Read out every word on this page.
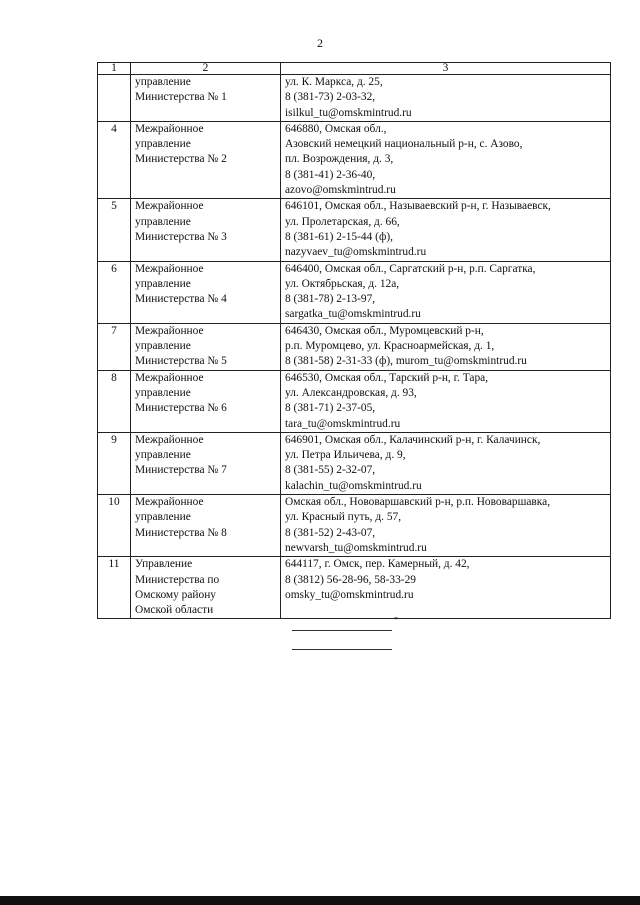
2
1	2	3

	управление
Министерства № 1	ул. К. Маркса, д. 25,
8 (381-73) 2-03-32,
isilkul_tu@omskmintrud.ru

4	Межрайонное
управление
Министерства № 2	646880, Омская обл.,
Азовский немецкий национальный р-н, с. Азово,
пл. Возрождения, д. 3,
8 (381-41) 2-36-40,
azovo@omskmintrud.ru

5	Межрайонное
управление
Министерства № 3	646101, Омская обл., Называевский р-н, г. Называевск,
ул. Пролетарская, д. 66,
8 (381-61) 2-15-44 (ф),
nazyvaev_tu@omskmintrud.ru

6	Межрайонное
управление
Министерства № 4	646400, Омская обл., Саргатский р-н, р.п. Саргатка,
ул. Октябрьская, д. 12а,
8 (381-78) 2-13-97,
sargatka_tu@omskmintrud.ru

7	Межрайонное
управление
Министерства № 5	646430, Омская обл., Муромцевский р-н,
р.п. Муромцево, ул. Красноармейская, д. 1,
8 (381-58) 2-31-33 (ф), murom_tu@omskmintrud.ru

8	Межрайонное
управление
Министерства № 6	646530, Омская обл., Тарский р-н, г. Тара,
ул. Александровская, д. 93,
8 (381-71) 2-37-05,
tara_tu@omskmintrud.ru

9	Межрайонное
управление
Министерства № 7	646901, Омская обл., Калачинский р-н, г. Калачинск,
ул. Петра Ильичева, д. 9,
8 (381-55) 2-32-07,
kalachin_tu@omskmintrud.ru

10	Межрайонное
управление
Министерства № 8	Омская обл., Нововаршавский р-н, р.п. Нововаршавка,
ул. Красный путь, д. 57,
8 (381-52) 2-43-07,
newvarsh_tu@omskmintrud.ru

11	Управление
Министерства по
Омскому району
Омской области	644117, г. Омск, пер. Камерный, д. 42,
8 (3812) 56-28-96, 58-33-29
omsky_tu@omskmintrud.ru
"
